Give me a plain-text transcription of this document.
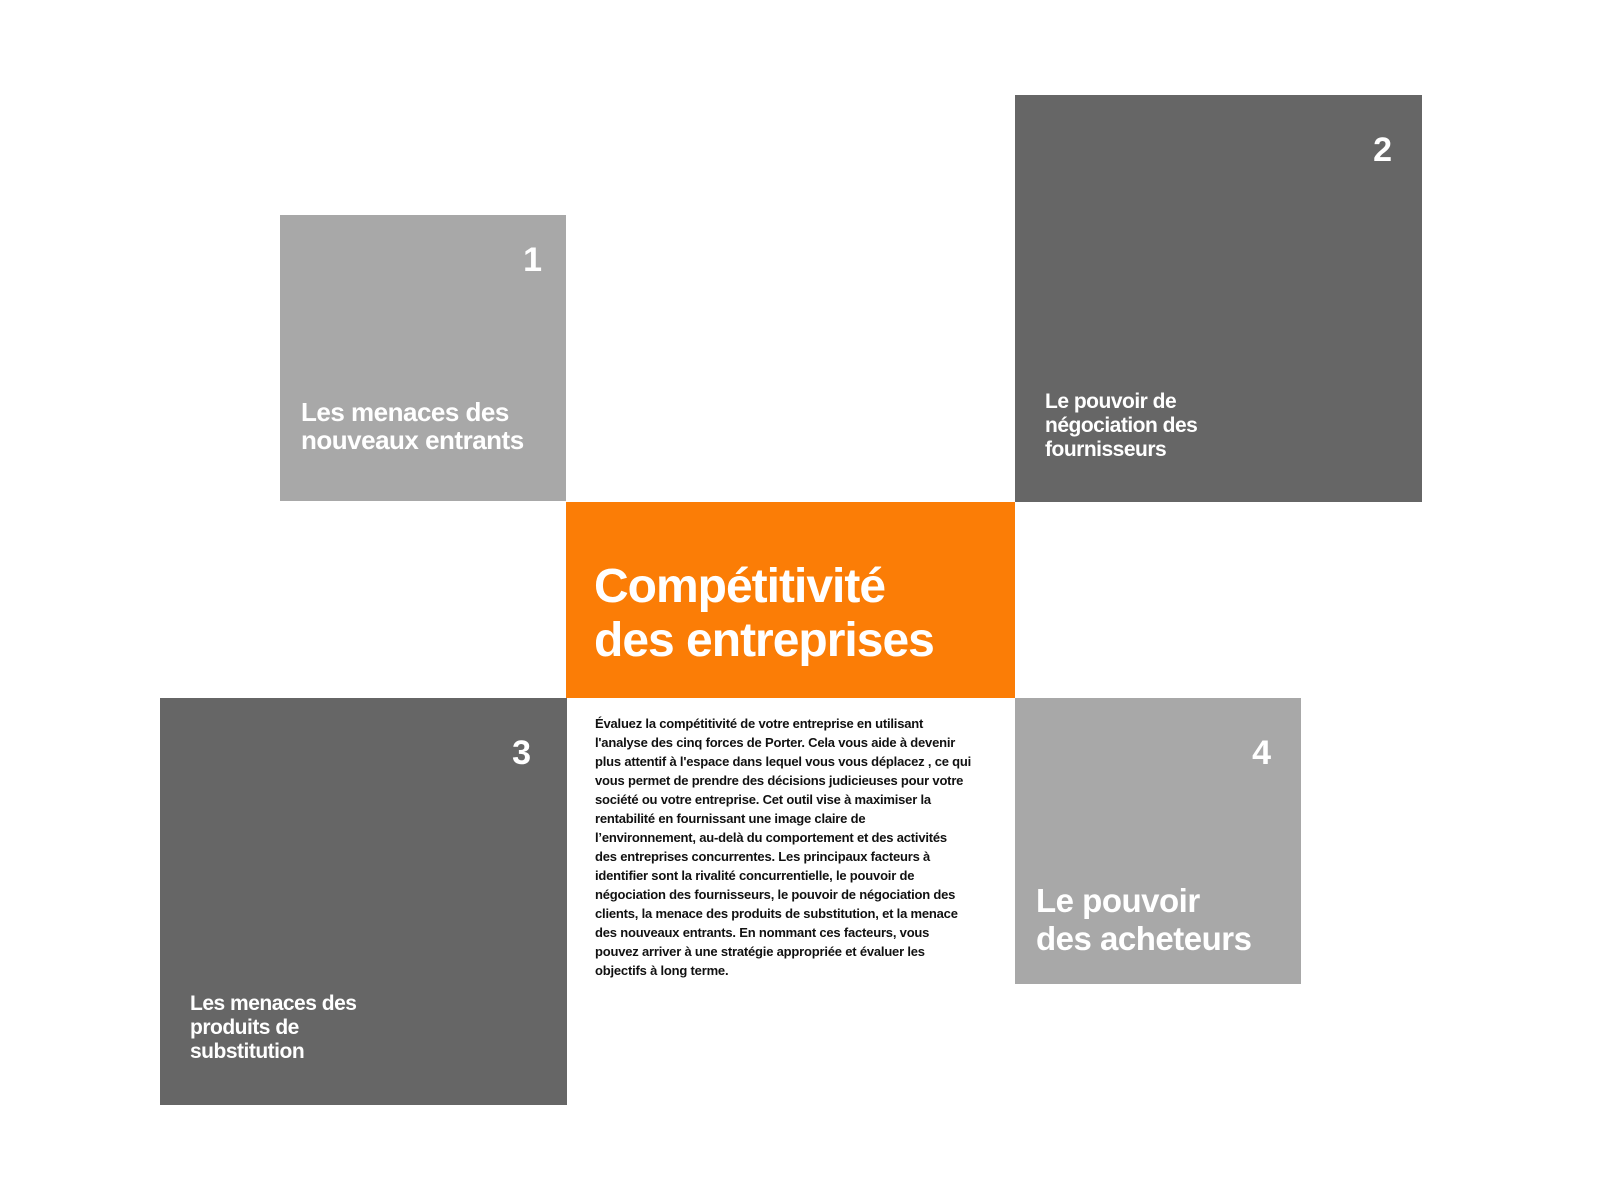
1
Les menaces des
nouveaux entrants
2
Le pouvoir de
négociation des
fournisseurs
Compétitivité
des entreprises
3
Les menaces des
produits de
substitution
4
Le pouvoir
des acheteurs
Évaluez la compétitivité de votre entreprise en utilisant
l'analyse des cinq forces de Porter. Cela vous aide à devenir
plus attentif à l'espace dans lequel vous vous déplacez , ce qui
vous permet de prendre des décisions judicieuses pour votre
société ou votre entreprise. Cet outil vise à maximiser la
rentabilité en fournissant une image claire de
l’environnement, au-delà du comportement et des activités
des entreprises concurrentes. Les principaux facteurs à
identifier sont la rivalité concurrentielle, le pouvoir de
négociation des fournisseurs, le pouvoir de négociation des
clients, la menace des produits de substitution, et la menace
des nouveaux entrants. En nommant ces facteurs, vous
pouvez arriver à une stratégie appropriée et évaluer les
objectifs à long terme.
